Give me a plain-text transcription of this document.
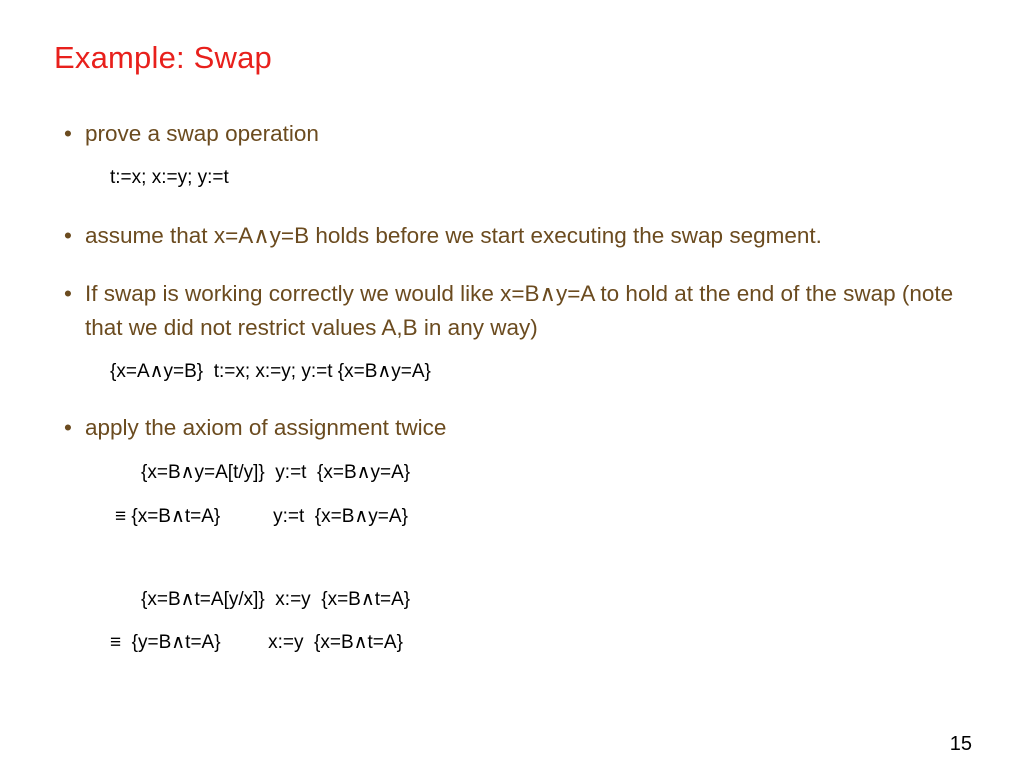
Example: Swap
• prove a swap operation
t:=x; x:=y; y:=t
• assume that x=A∧y=B holds before we start executing the swap segment.
• If swap is working correctly we would like x=B∧y=A to hold at the end of the swap (note that we did not restrict values A,B in any way)
{x=A∧y=B}  t:=x; x:=y; y:=t {x=B∧y=A}
• apply the axiom of assignment twice
{x=B∧y=A[t/y]}  y:=t  {x=B∧y=A}
≡ {x=B∧t=A}          y:=t  {x=B∧y=A}
{x=B∧t=A[y/x]}  x:=y  {x=B∧t=A}
≡  {y=B∧t=A}         x:=y  {x=B∧t=A}
15
